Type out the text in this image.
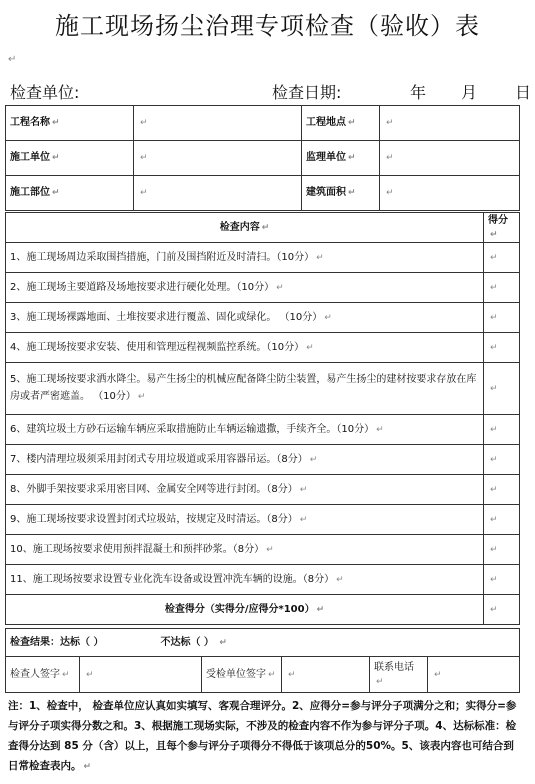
施工现场扬尘治理专项检查（验收）表
↵
检查单位:	检查日期:	年 月 日
工程名称 ↵	↵	工程地点 ↵	↵
施工单位 ↵	↵	监理单位 ↵	↵
施工部位 ↵	↵	建筑面积 ↵	↵
检查内容 ↵	得分↵
1、施工现场周边采取围挡措施，门前及围挡附近及时清扫。（10分） ↵	↵
2、施工现场主要道路及场地按要求进行硬化处理。（10分） ↵	↵
3、施工现场裸露地面、土堆按要求进行覆盖、固化或绿化。 （10分） ↵	↵
4、施工现场按要求安装、使用和管理远程视频监控系统。（10分） ↵	↵
5、施工现场按要求洒水降尘。易产生扬尘的机械应配备降尘防尘装置，易产生扬尘的建材按要求存放在库房或者严密遮盖。 （10分） ↵	↵
6、建筑垃圾土方砂石运输车辆应采取措施防止车辆运输遗撒，手续齐全。（10分） ↵	↵
7、楼内清理垃圾须采用封闭式专用垃圾道或采用容器吊运。（8分） ↵	↵
8、外脚手架按要求采用密目网、金属安全网等进行封闭。（8分） ↵	↵
9、施工现场按要求设置封闭式垃圾站，按规定及时清运。（8分） ↵	↵
10、施工现场按要求使用预拌混凝土和预拌砂浆。（8分） ↵	↵
11、施工现场按要求设置专业化洗车设备或设置冲洗车辆的设施。（8分） ↵	↵
检查得分（实得分/应得分*100） ↵	↵
检查结果：达标（ ）	不达标（ ） ↵
检查人签字 ↵	↵	受检单位签字 ↵	↵	联系电话↵	↵

注：1、检查中， 检查单位应认真如实填写、客观合理评分。2、应得分=参与评分子项满分之和；实得分=参与评分子项实得分数之和。3、根据施工现场实际，不涉及的检查内容不作为参与评分子项。4、达标标准：检查得分达到 85 分（含）以上，且每个参与评分子项得分不得低于该项总分的50%。5、该表内容也可结合到日常检查表内。 ↵
